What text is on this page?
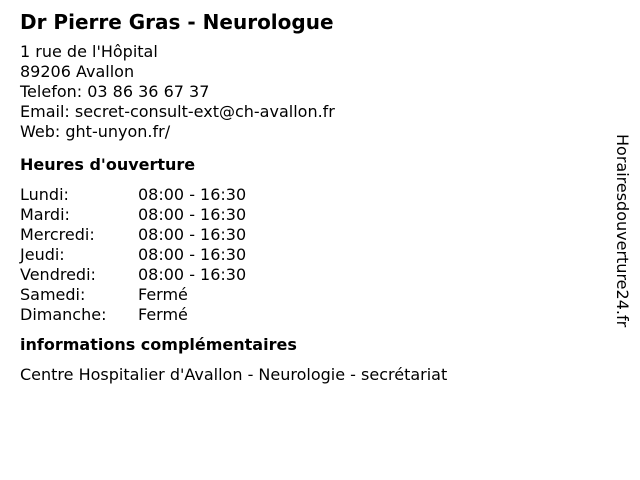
Dr Pierre Gras - Neurologue
1 rue de l'Hôpital
89206 Avallon
Telefon: 03 86 36 67 37
Email: secret-consult-ext@ch-avallon.fr
Web: ght-unyon.fr/
Heures d'ouverture
Lundi:	08:00 - 16:30
Mardi:	08:00 - 16:30
Mercredi:	08:00 - 16:30
Jeudi:	08:00 - 16:30
Vendredi:	08:00 - 16:30
Samedi:	Fermé
Dimanche:	Fermé
informations complémentaires
Centre Hospitalier d'Avallon - Neurologie - secrétariat
Horairesdouverture24.fr
